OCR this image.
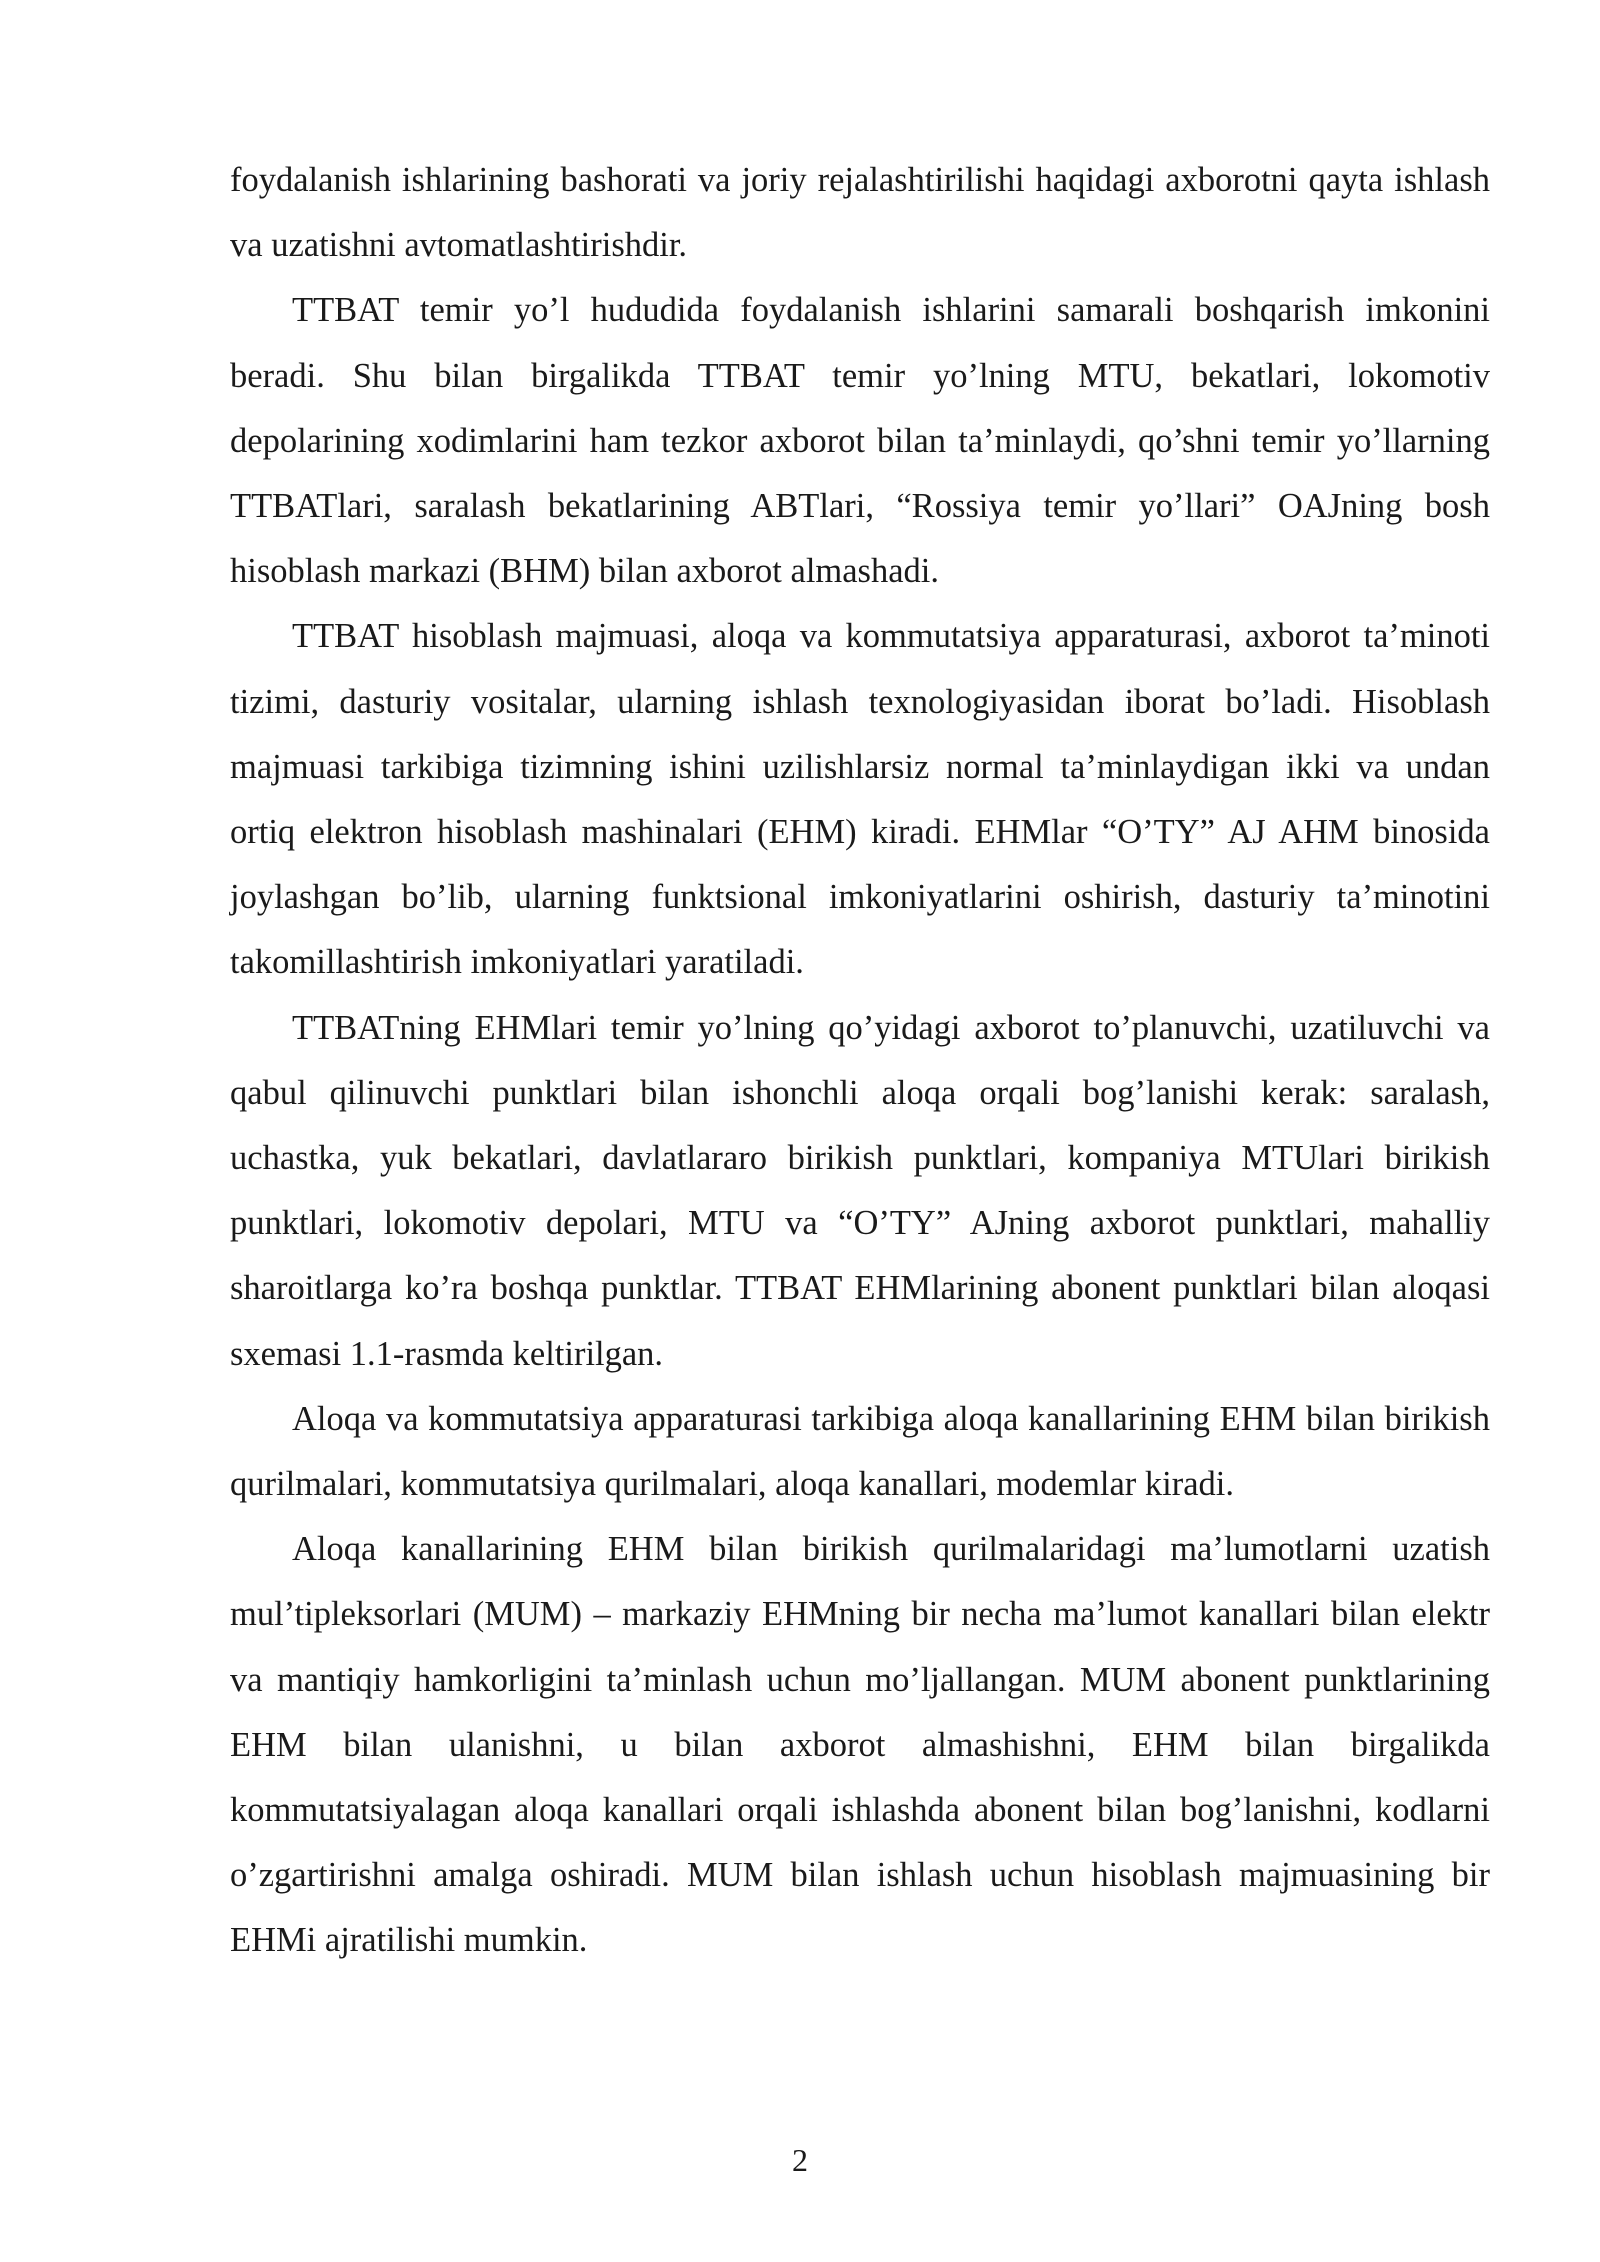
foydalanish ishlarining bashorati va joriy rejalashtirilishi haqidagi axborotni qayta ishlash va uzatishni avtomatlashtirishdir.

TTBAT temir yo’l hududida foydalanish ishlarini samarali boshqarish imkonini beradi. Shu bilan birgalikda TTBAT temir yo’lning MTU, bekatlari, lokomotiv depolarining xodimlarini ham tezkor axborot bilan ta’minlaydi, qo’shni temir yo’llarning TTBATlari, saralash bekatlarining ABTlari, “Rossiya temir yo’llari” OAJning bosh hisoblash markazi (BHM) bilan axborot almashadi.

TTBAT hisoblash majmuasi, aloqa va kommutatsiya apparaturasi, axborot ta’minoti tizimi, dasturiy vositalar, ularning ishlash texnologiyasidan iborat bo’ladi. Hisoblash majmuasi tarkibiga tizimning ishini uzilishlarsiz normal ta’minlaydigan ikki va undan ortiq elektron hisoblash mashinalari (EHM) kiradi. EHMlar “O’TY” AJ AHM binosida joylashgan bo’lib, ularning funktsional imkoniyatlarini oshirish, dasturiy ta’minotini takomillashtirish imkoniyatlari yaratiladi.

TTBATning EHMlari temir yo’lning qo’yidagi axborot to’planuvchi, uzatiluvchi va qabul qilinuvchi punktlari bilan ishonchli aloqa orqali bog’lanishi kerak: saralash, uchastka, yuk bekatlari, davlatlararo birikish punktlari, kompaniya MTUlari birikish punktlari, lokomotiv depolari, MTU va “O’TY” AJning axborot punktlari, mahalliy sharoitlarga ko’ra boshqa punktlar. TTBAT EHMlarining abonent punktlari bilan aloqasi sxemasi 1.1-rasmda keltirilgan.

Aloqa va kommutatsiya apparaturasi tarkibiga aloqa kanallarining EHM bilan birikish qurilmalari, kommutatsiya qurilmalari, aloqa kanallari, modemlar kiradi.

Aloqa kanallarining EHM bilan birikish qurilmalaridagi ma’lumotlarni uzatish mul’tipleksorlari (MUM) – markaziy EHMning bir necha ma’lumot kanallari bilan elektr va mantiqiy hamkorligini ta’minlash uchun mo’ljallangan. MUM abonent punktlarining EHM bilan ulanishni, u bilan axborot almashishni, EHM bilan birgalikda kommutatsiyalagan aloqa kanallari orqali ishlashda abonent bilan bog’lanishni, kodlarni o’zgartirishni amalga oshiradi. MUM bilan ishlash uchun hisoblash majmuasining bir EHMi ajratilishi mumkin.

2
